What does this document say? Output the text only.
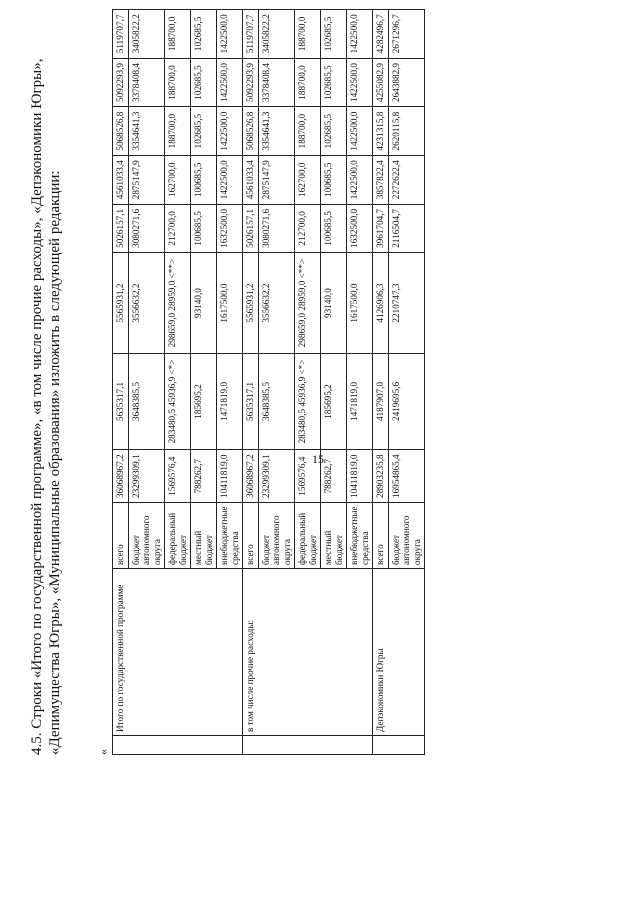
15
4.5. Строки «Итого по государственной программе», «в том числе прочие расходы», «Депэкономики Югры», «Депимущества Югры», «Муниципальные образования» изложить в следующей редакции:	«
	Итого по государственной программе	всего	36068967,2	5635317,1	5565931,2	5026157,1	4561033,4	5068526,8	5092293,9	5119707,7
		бюджет автономного округа	23299309,1	3648385,5	3556632,2	3080271,6	2875147,9	3354641,3	3378408,4	3405822,2
		федеральный бюджет	1569576,4	283480,5 45936,9 <*>	298659,0 28959,0 <**>	212700,0	162700,0	188700,0	188700,0	188700,0
		местный бюджет	788262,7	185695,2	93140,0	100685,5	100685,5	102685,5	102685,5	102685,5
		внебюджетные средства	10411819,0	1471819,0	1617500,0	1632500,0	1422500,0	1422500,0	1422500,0	1422500,0
	в том числе прочие расходы:	всего	36068967,2	5635317,1	5565931,2	5026157,1	4561033,4	5068526,8	5092293,9	5119707,7
		бюджет автономного округа	23299309,1	3648385,5	3556632,2	3080271,6	2875147,9	3354641,3	3378408,4	3405822,2
		федеральный бюджет	1569576,4	283480,5 45936,9 <*>	298659,0 28959,0 <**>	212700,0	162700,0	188700,0	188700,0	188700,0
		местный бюджет	788262,7	185695,2	93140,0	100685,5	100685,5	102685,5	102685,5	102685,5
		внебюджетные средства	10411819,0	1471819,0	1617500,0	1632500,0	1422500,0	1422500,0	1422500,0	1422500,0
	Депэкономики Югры	всего	28903235,8	4187907,0	4126906,3	3961704,7	3857822,4	4231315,8	4255082,9	4282496,7
		бюджет автономного округа	16954865,4	2419695,6	2210747,3	2116504,7	2272622,4	2620115,8	2643882,9	2671296,7
